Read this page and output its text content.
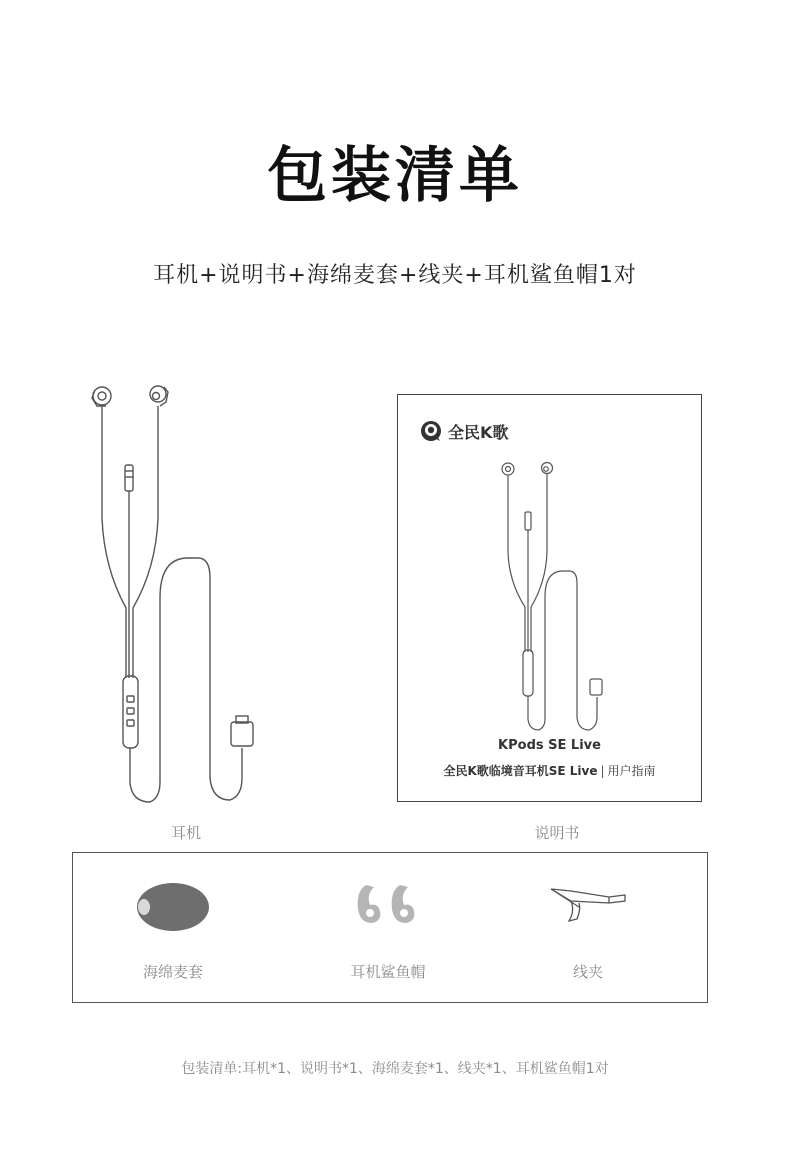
包装清单
耳机+说明书+海绵麦套+线夹+耳机鲨鱼帽1对
耳机
全民K歌
KPods SE Live
全民K歌临境音耳机SE Live | 用户指南
说明书
海绵麦套	耳机鲨鱼帽	线夹
包装清单:耳机*1、说明书*1、海绵麦套*1、线夹*1、耳机鲨鱼帽1对
